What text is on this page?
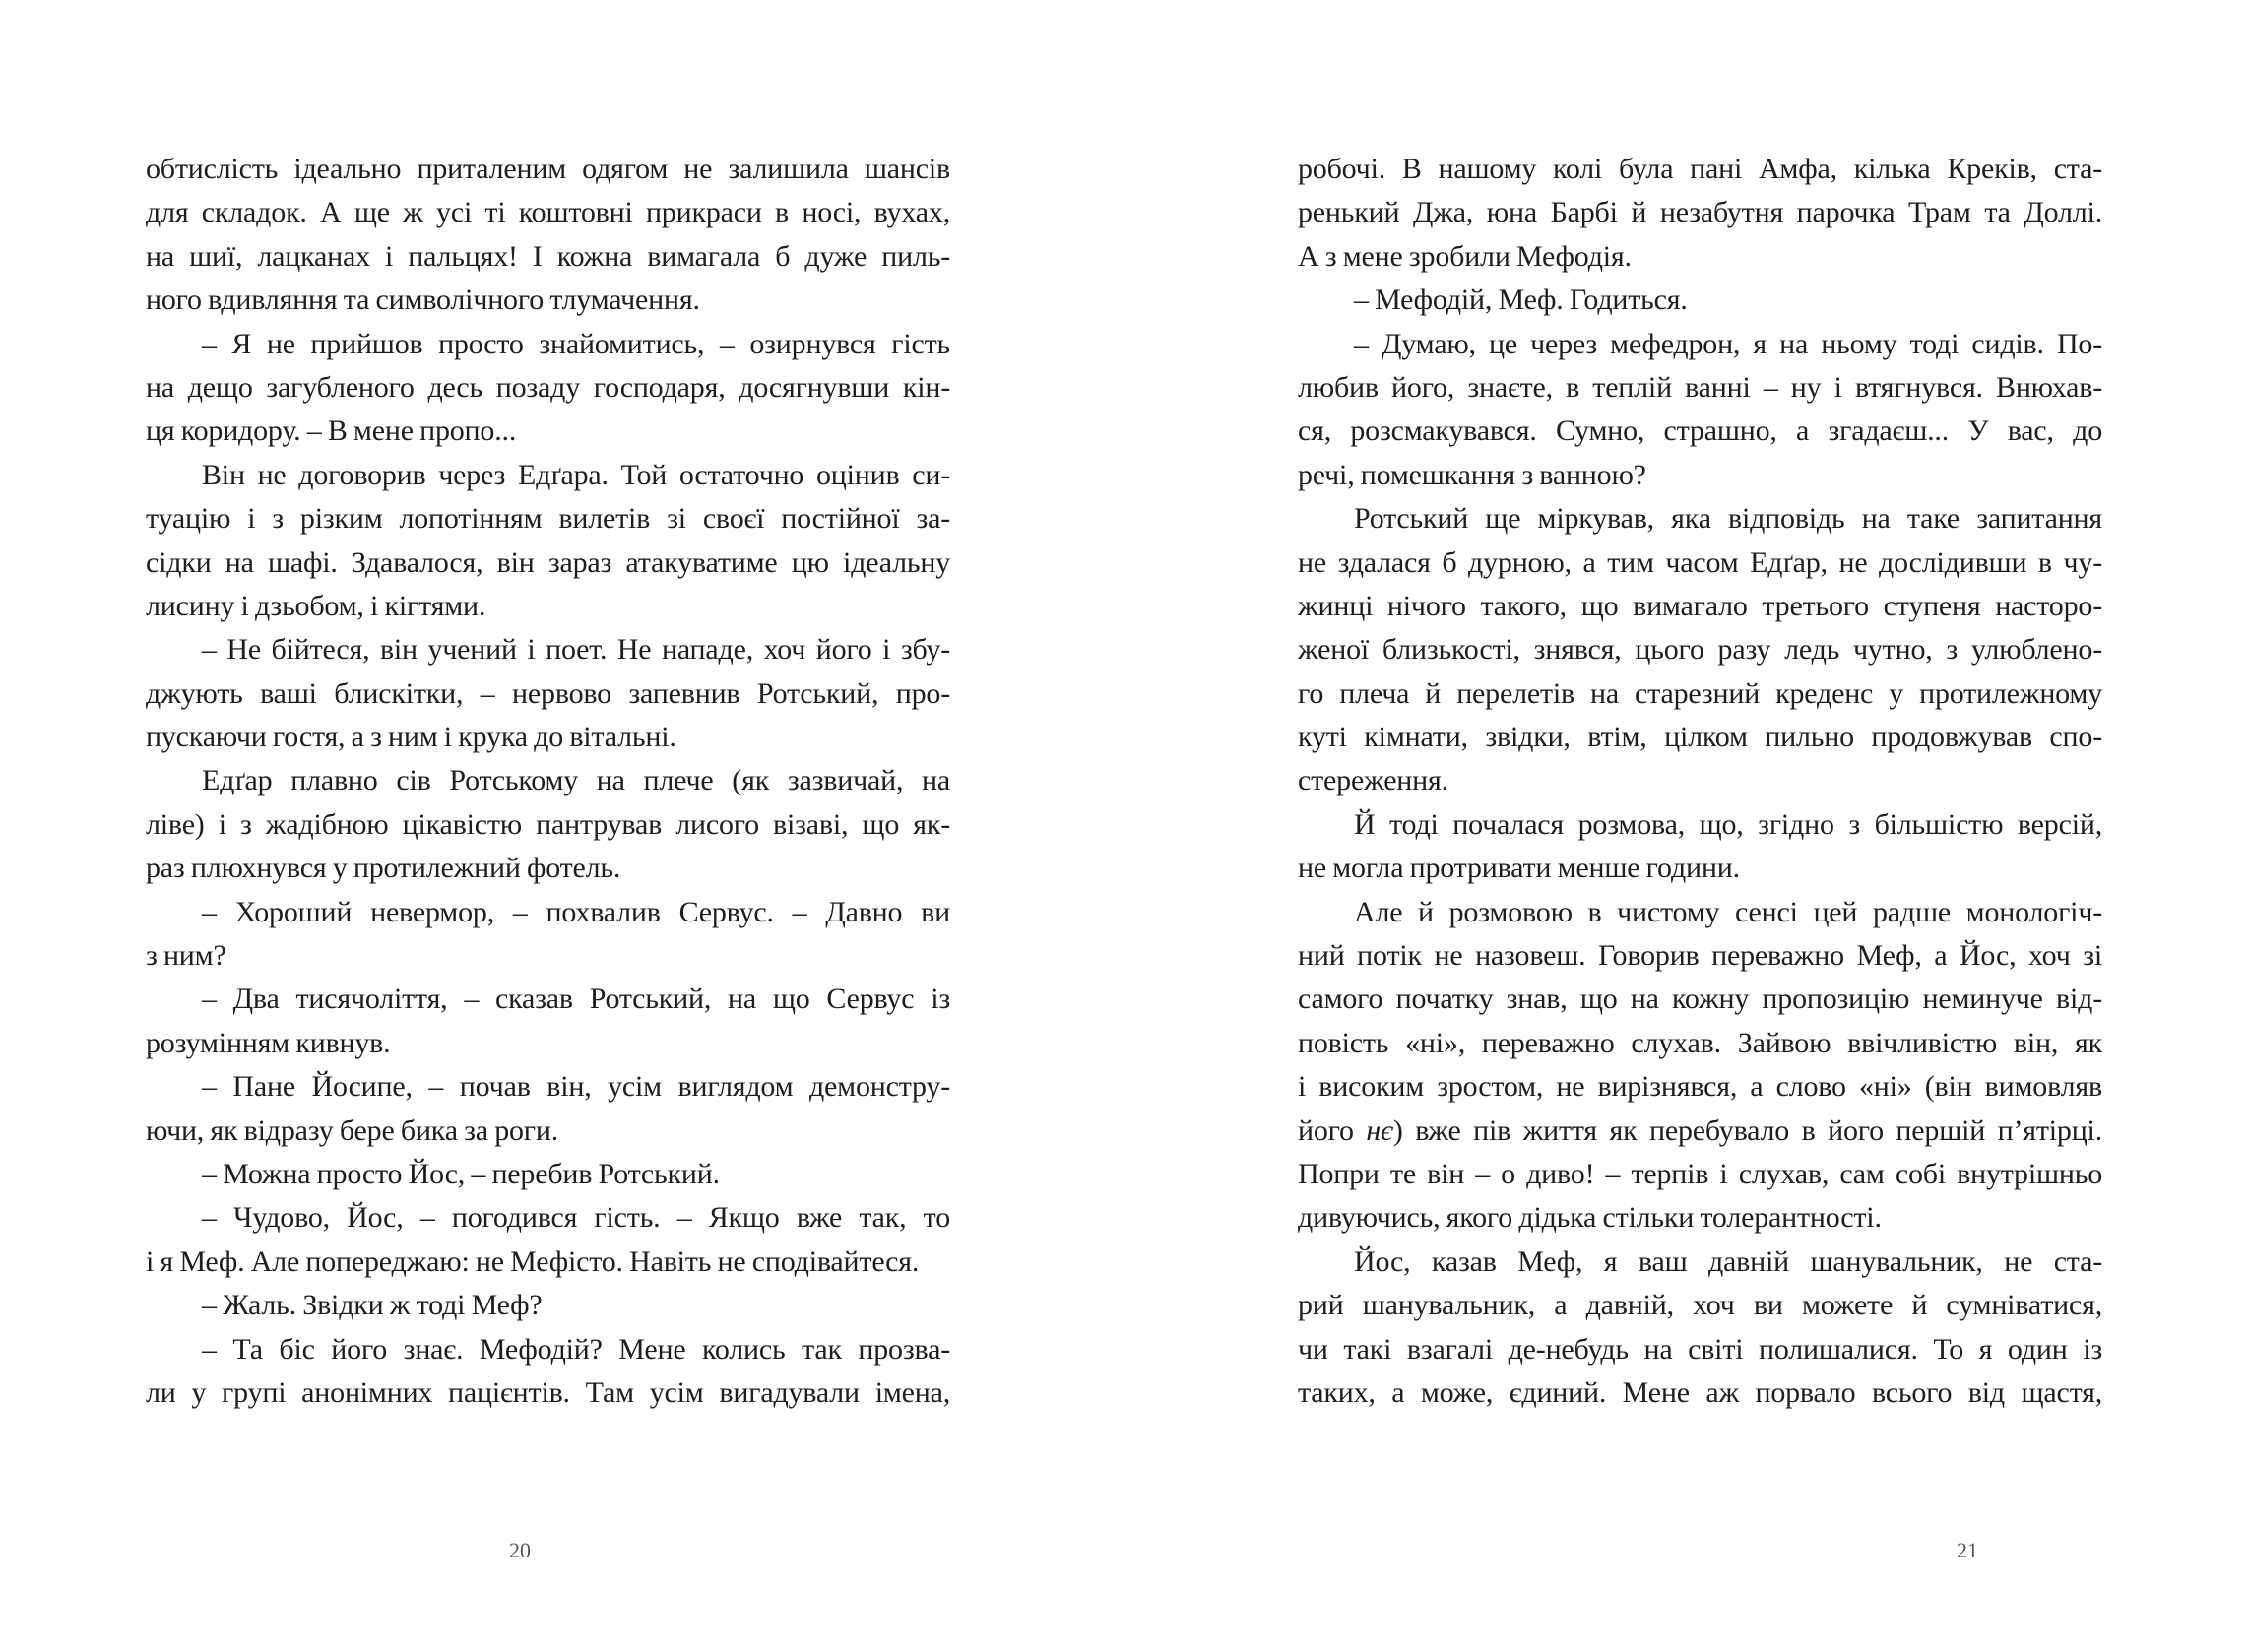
обтислість ідеально приталеним одягом не залишила шансів
для складок. А ще ж усі ті коштовні прикраси в носі, вухах,
на шиї, лацканах і пальцях! І кожна вимагала б дуже пиль-
ного вдивляння та символічного тлумачення.
– Я не прийшов просто знайомитись, – озирнувся гість
на дещо загубленого десь позаду господаря, досягнувши кін-
ця коридору. – В мене пропо...
Він не договорив через Едґара. Той остаточно оцінив си-
туацію і з різким лопотінням вилетів зі своєї постійної за-
сідки на шафі. Здавалося, він зараз атакуватиме цю ідеальну
лисину і дзьобом, і кігтями.
– Не бійтеся, він учений і поет. Не нападе, хоч його і збу-
джують ваші блискітки, – нервово запевнив Ротський, про-
пускаючи гостя, а з ним і крука до вітальні.
Едґар плавно сів Ротському на плече (як зазвичай, на
ліве) і з жадібною цікавістю пантрував лисого візаві, що як-
раз плюхнувся у протилежний фотель.
– Хороший невермор, – похвалив Сервус. – Давно ви
з ним?
– Два тисячоліття, – сказав Ротський, на що Сервус із
розумінням кивнув.
– Пане Йосипе, – почав він, усім виглядом демонстру-
ючи, як відразу бере бика за роги.
– Можна просто Йос, – перебив Ротський.
– Чудово, Йос, – погодився гість. – Якщо вже так, то
і я Меф. Але попереджаю: не Мефісто. Навіть не сподівайтеся.
– Жаль. Звідки ж тоді Меф?
– Та біс його знає. Мефодій? Мене колись так прозва-
ли у групі анонімних пацієнтів. Там усім вигадували імена,
20
робочі. В нашому колі була пані Амфа, кілька Креків, ста-
ренький Джа, юна Барбі й незабутня парочка Трам та Доллі.
А з мене зробили Мефодія.
– Мефодій, Меф. Годиться.
– Думаю, це через мефедрон, я на ньому тоді сидів. По-
любив його, знаєте, в теплій ванні – ну і втягнувся. Внюхав-
ся, розсмакувався. Сумно, страшно, а згадаєш... У вас, до
речі, помешкання з ванною?
Ротський ще міркував, яка відповідь на таке запитання
не здалася б дурною, а тим часом Едґар, не дослідивши в чу-
жинці нічого такого, що вимагало третього ступеня насторо-
женої близькості, знявся, цього разу ледь чутно, з улюблено-
го плеча й перелетів на старезний креденс у протилежному
куті кімнати, звідки, втім, цілком пильно продовжував спо-
стереження.
Й тоді почалася розмова, що, згідно з більшістю версій,
не могла протривати менше години.
Але й розмовою в чистому сенсі цей радше монологіч-
ний потік не назовеш. Говорив переважно Меф, а Йос, хоч зі
самого початку знав, що на кожну пропозицію неминуче від-
повість «ні», переважно слухав. Зайвою ввічливістю він, як
і високим зростом, не вирізнявся, а слово «ні» (він вимовляв
його нє) вже пів життя як перебувало в його першій п’ятірці.
Попри те він – о диво! – терпів і слухав, сам собі внутрішньо
дивуючись, якого дідька стільки толерантності.
Йос, казав Меф, я ваш давній шанувальник, не ста-
рий шанувальник, а давній, хоч ви можете й сумніватися,
чи такі взагалі де-небудь на світі полишалися. То я один із
таких, а може, єдиний. Мене аж порвало всього від щастя,
21
